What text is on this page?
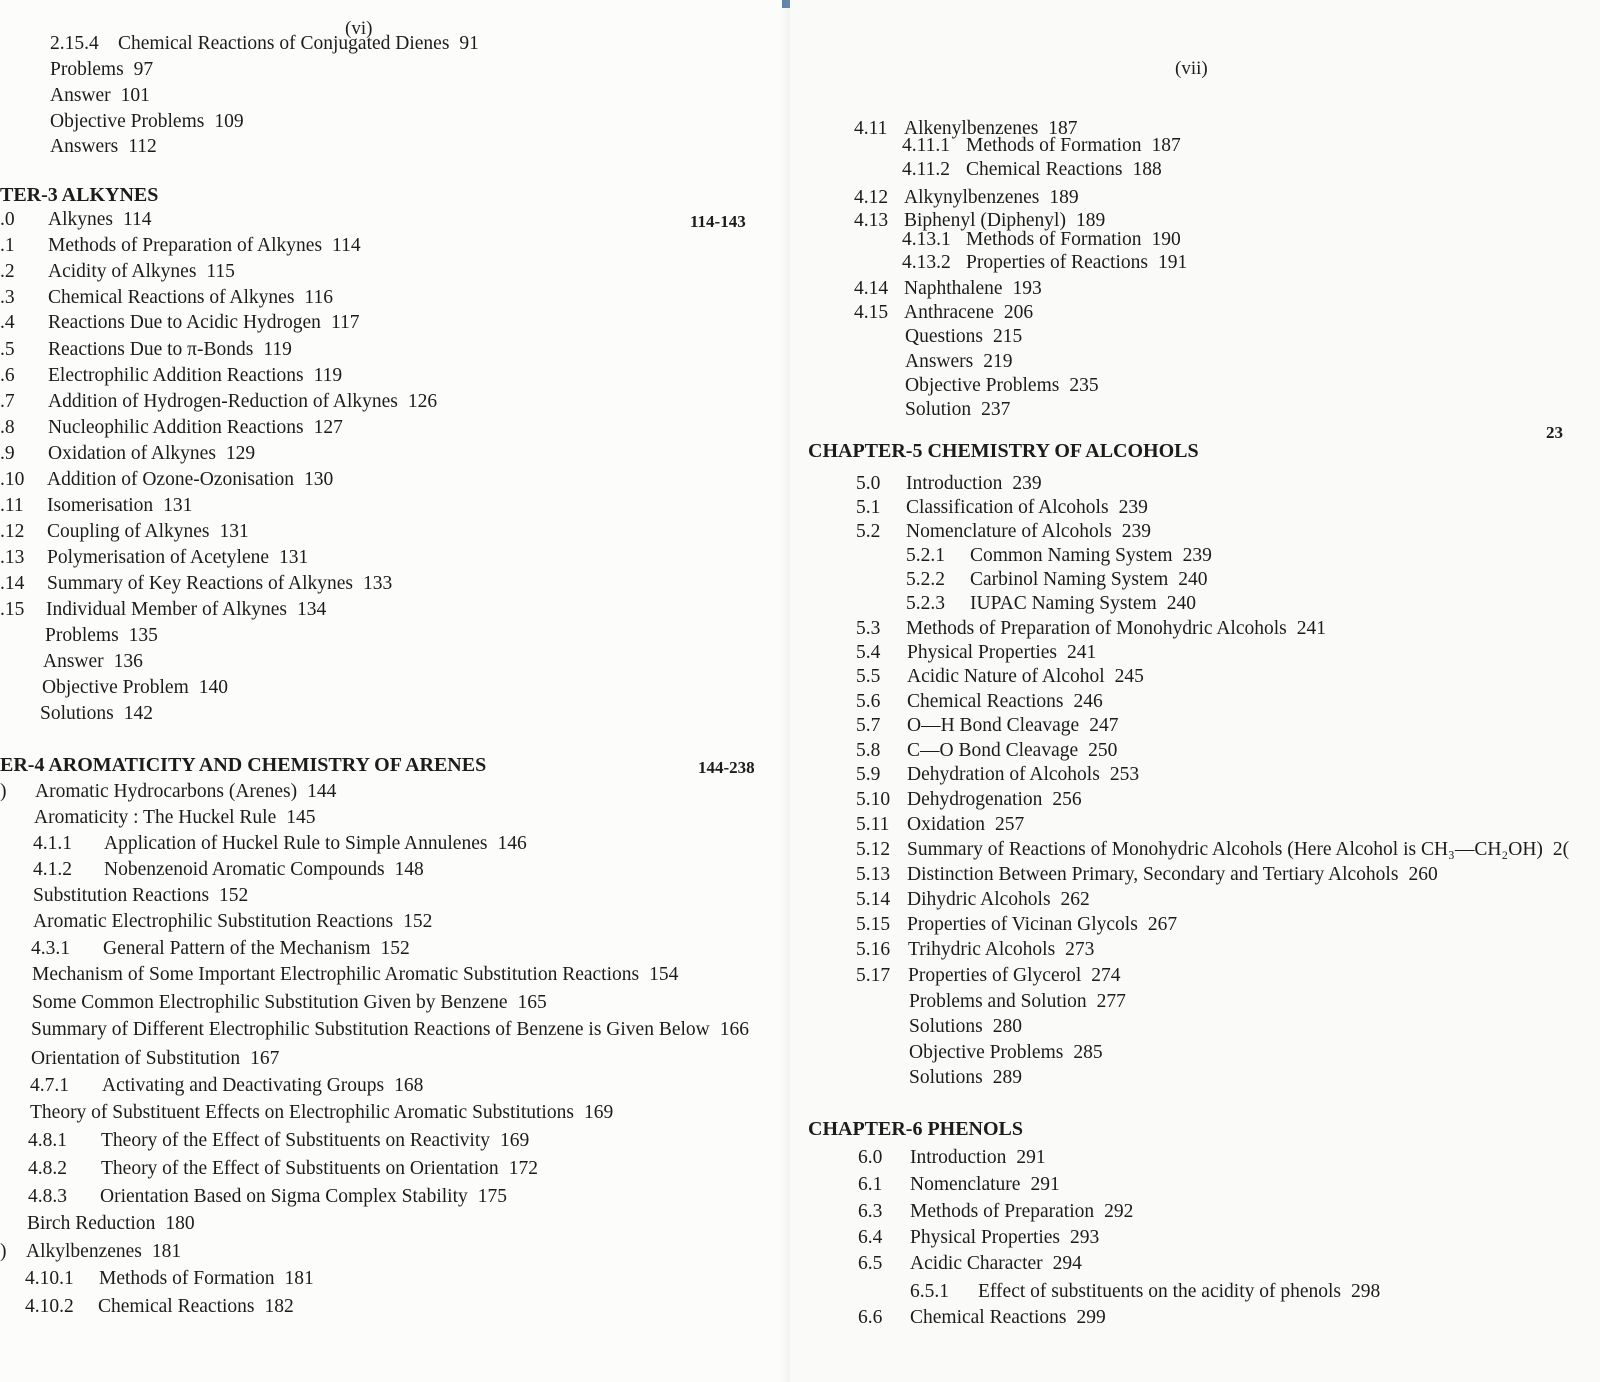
(vi)
TER-3 ALKYNES
114-143
ER-4 AROMATICITY AND CHEMISTRY OF ARENES	144-238
2.15.4 Chemical Reactions of Conjugated Dienes 91
Problems 97
Answer 101
Objective Problems 109
Answers 112
.0 Alkynes 114
.1 Methods of Preparation of Alkynes 114
.2 Acidity of Alkynes 115
.3 Chemical Reactions of Alkynes 116
.4 Reactions Due to Acidic Hydrogen 117
.5 Reactions Due to π-Bonds 119
.6 Electrophilic Addition Reactions 119
.7 Addition of Hydrogen-Reduction of Alkynes 126
.8 Nucleophilic Addition Reactions 127
.9 Oxidation of Alkynes 129
.10 Addition of Ozone-Ozonisation 130
.11 Isomerisation 131
.12 Coupling of Alkynes 131
.13 Polymerisation of Acetylene 131
.14 Summary of Key Reactions of Alkynes 133
.15 Individual Member of Alkynes 134
Problems 135
Answer 136
Objective Problem 140
Solutions 142
) Aromatic Hydrocarbons (Arenes) 144
Aromaticity : The Huckel Rule 145
4.1.1 Application of Huckel Rule to Simple Annulenes 146
4.1.2 Nobenzenoid Aromatic Compounds 148
Substitution Reactions 152
Aromatic Electrophilic Substitution Reactions 152
4.3.1 General Pattern of the Mechanism 152
Mechanism of Some Important Electrophilic Aromatic Substitution Reactions 154
Some Common Electrophilic Substitution Given by Benzene 165
Summary of Different Electrophilic Substitution Reactions of Benzene is Given Below 166
Orientation of Substitution 167
4.7.1 Activating and Deactivating Groups 168
Theory of Substituent Effects on Electrophilic Aromatic Substitutions 169
4.8.1 Theory of the Effect of Substituents on Reactivity 169
4.8.2 Theory of the Effect of Substituents on Orientation 172
4.8.3 Orientation Based on Sigma Complex Stability 175
Birch Reduction 180
) Alkylbenzenes 181
4.10.1 Methods of Formation 181
4.10.2 Chemical Reactions 182
(vii)
CHAPTER-5 CHEMISTRY OF ALCOHOLS
23
CHAPTER-6 PHENOLS
4.11 Alkenylbenzenes 187
4.11.1 Methods of Formation 187
4.11.2 Chemical Reactions 188
4.12 Alkynylbenzenes 189
4.13 Biphenyl (Diphenyl) 189
4.13.1 Methods of Formation 190
4.13.2 Properties of Reactions 191
4.14 Naphthalene 193
4.15 Anthracene 206
Questions 215
Answers 219
Objective Problems 235
Solution 237
5.0 Introduction 239
5.1 Classification of Alcohols 239
5.2 Nomenclature of Alcohols 239
5.2.1 Common Naming System 239
5.2.2 Carbinol Naming System 240
5.2.3 IUPAC Naming System 240
5.3 Methods of Preparation of Monohydric Alcohols 241
5.4 Physical Properties 241
5.5 Acidic Nature of Alcohol 245
5.6 Chemical Reactions 246
5.7 O—H Bond Cleavage 247
5.8 C—O Bond Cleavage 250
5.9 Dehydration of Alcohols 253
5.10 Dehydrogenation 256
5.11 Oxidation 257
5.12 Summary of Reactions of Monohydric Alcohols (Here Alcohol is CH₃—CH₂OH) 2(
5.13 Distinction Between Primary, Secondary and Tertiary Alcohols 260
5.14 Dihydric Alcohols 262
5.15 Properties of Vicinan Glycols 267
5.16 Trihydric Alcohols 273
5.17 Properties of Glycerol 274
Problems and Solution 277
Solutions 280
Objective Problems 285
Solutions 289
6.0 Introduction 291
6.1 Nomenclature 291
6.3 Methods of Preparation 292
6.4 Physical Properties 293
6.5 Acidic Character 294
6.5.1 Effect of substituents on the acidity of phenols 298
6.6 Chemical Reactions 299
